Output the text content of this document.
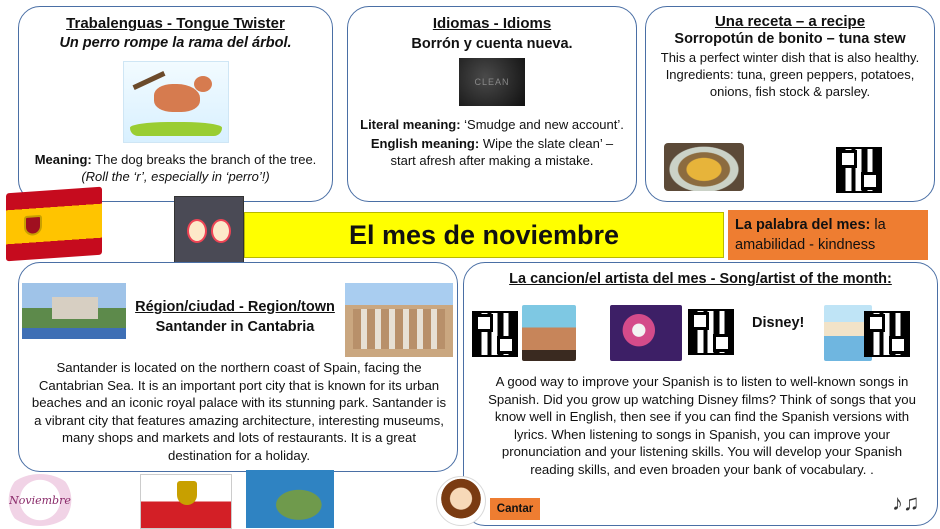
Trabalenguas - Tongue Twister
Un perro rompe la rama del árbol.
Meaning: The dog breaks the branch of the tree. (Roll the ‘r’, especially in ‘perro’!)
Idiomas - Idioms
Borrón y cuenta nueva.
CLEAN
Literal meaning: ‘Smudge and new account’.
English meaning: Wipe the slate clean’ – start afresh after making a mistake.
Una receta – a recipe
Sorropotún de bonito – tuna stew
This a perfect winter dish that is also healthy. Ingredients: tuna, green peppers, potatoes, onions, fish stock & parsley.
El mes de noviembre	La palabra del mes: la amabilidad - kindness
Région/ciudad - Region/town
Santander in Cantabria
Santander is located on the northern coast of Spain, facing the Cantabrian Sea. It is an important port city that is known for its urban beaches and an iconic royal palace with its stunning park. Santander is a vibrant city that features amazing architecture, interesting museums, many shops and markets and lots of restaurants. It is a great destination for a holiday.
Noviembre
La cancion/el artista del mes - Song/artist of the month:
Disney!
A good way to improve your Spanish is to listen to well-known songs in Spanish. Did you grow up watching Disney films? Think of songs that you know well in English, then see if you can find the Spanish versions with lyrics. When listening to songs in Spanish, you can improve your pronunciation and your listening skills. You will develop your Spanish reading skills, and even broaden your bank of vocabulary. .
Cantar	♪♫
